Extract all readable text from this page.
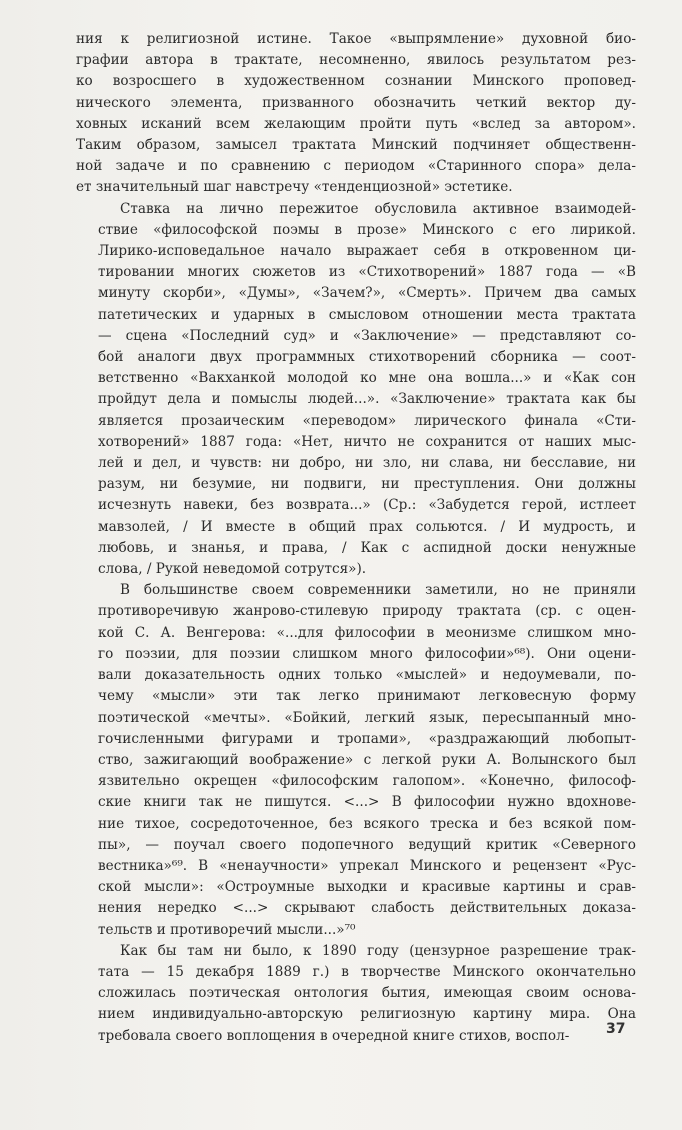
ния к религиозной истине. Такое «выпрямление» духовной био-
графии автора в трактате, несомненно, явилось результатом рез-
ко возросшего в художественном сознании Минского проповед-
нического элемента, призванного обозначить четкий вектор ду-
ховных исканий всем желающим пройти путь «вслед за автором».
Таким образом, замысел трактата Минский подчиняет общественн-
ной задаче и по сравнению с периодом «Старинного спора» дела-
ет значительный шаг навстречу «тенденциозной» эстетике.
Ставка на лично пережитое обусловила активное взаимодей-
ствие «философской поэмы в прозе» Минского с его лирикой.
Лирико-исповедальное начало выражает себя в откровенном ци-
тировании многих сюжетов из «Стихотворений» 1887 года — «В
минуту скорби», «Думы», «Зачем?», «Смерть». Причем два самых
патетических и ударных в смысловом отношении места трактата
— сцена «Последний суд» и «Заключение» — представляют со-
бой аналоги двух программных стихотворений сборника — соот-
ветственно «Вакханкой молодой ко мне она вошла...» и «Как сон
пройдут дела и помыслы людей...». «Заключение» трактата как бы
является прозаическим «переводом» лирического финала «Сти-
хотворений» 1887 года: «Нет, ничто не сохранится от наших мыс-
лей и дел, и чувств: ни добро, ни зло, ни слава, ни бесславие, ни
разум, ни безумие, ни подвиги, ни преступления. Они должны
исчезнуть навеки, без возврата...» (Ср.: «Забудется герой, истлеет
мавзолей, / И вместе в общий прах сольются. / И мудрость, и
любовь, и знанья, и права, / Как с аспидной доски ненужные
слова, / Рукой неведомой сотрутся»).
В большинстве своем современники заметили, но не приняли
противоречивую жанрово-стилевую природу трактата (ср. с оцен-
кой С. А. Венгерова: «...для философии в меонизме слишком мно-
го поэзии, для поэзии слишком много философии»⁶⁸). Они оцени-
вали доказательность одних только «мыслей» и недоумевали, по-
чему «мысли» эти так легко принимают легковесную форму
поэтической «мечты». «Бойкий, легкий язык, пересыпанный мно-
гочисленными фигурами и тропами», «раздражающий любопыт-
ство, зажигающий воображение» с легкой руки А. Волынского был
язвительно окрещен «философским галопом». «Конечно, философ-
ские книги так не пишутся. <...> В философии нужно вдохнове-
ние тихое, сосредоточенное, без всякого треска и без всякой пом-
пы», — поучал своего подопечного ведущий критик «Северного
вестника»⁶⁹. В «ненаучности» упрекал Минского и рецензент «Рус-
ской мысли»: «Остроумные выходки и красивые картины и срав-
нения нередко <...> скрывают слабость действительных доказа-
тельств и противоречий мысли...»⁷⁰
Как бы там ни было, к 1890 году (цензурное разрешение трак-
тата — 15 декабря 1889 г.) в творчестве Минского окончательно
сложилась поэтическая онтология бытия, имеющая своим основа-
нием индивидуально-авторскую религиозную картину мира. Она
требовала своего воплощения в очередной книге стихов, воспол-	37
